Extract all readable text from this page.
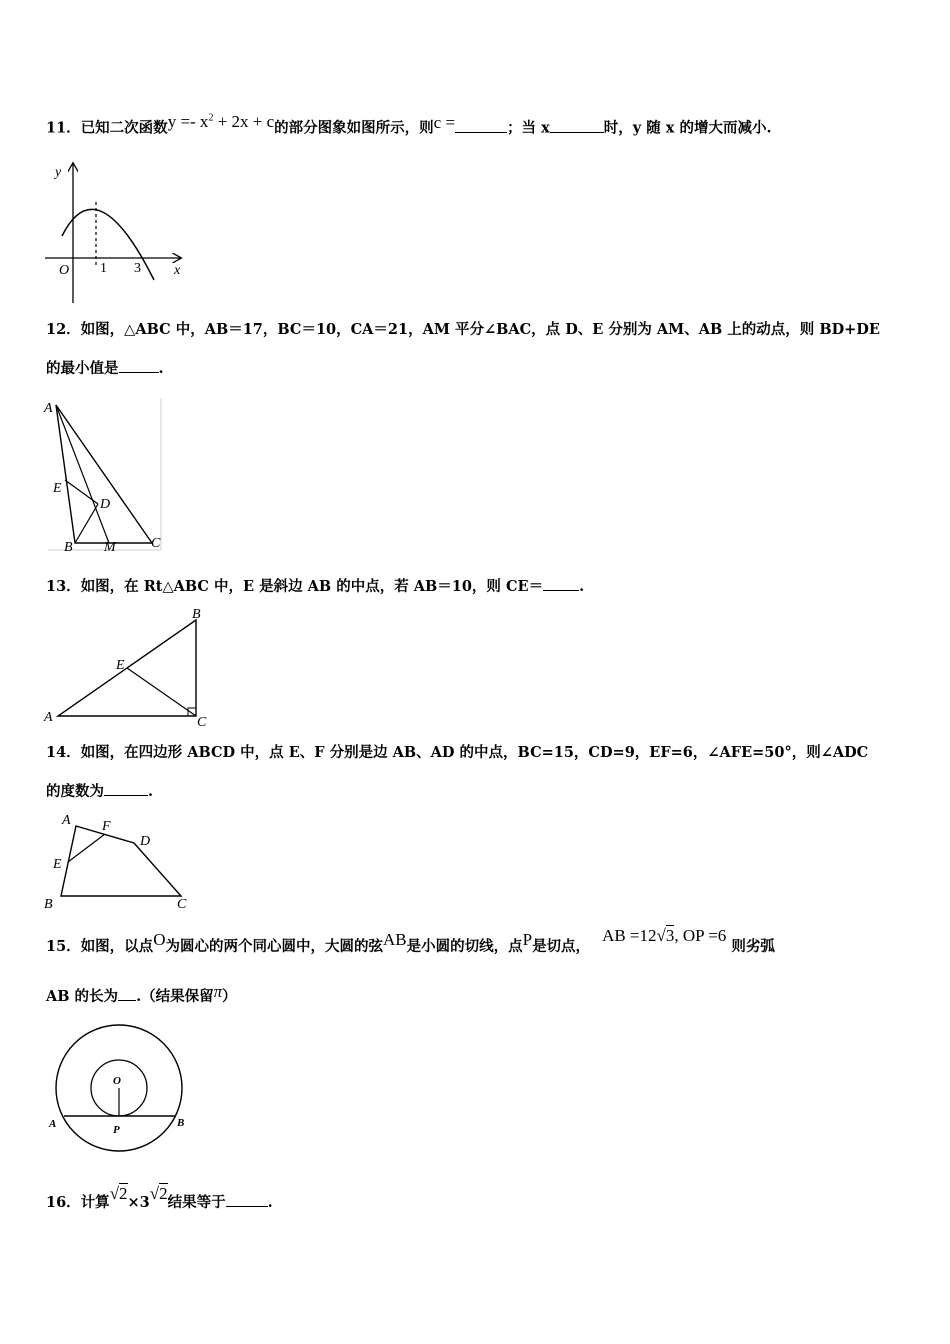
11．已知二次函数$y =- x^2 + 2x + c$的部分图象如图所示，则c =	；当 x	时，y 随 x 的增大而减小.
y
x
O 1 3
12．如图，△ABC 中，AB＝17，BC＝10，CA＝21，AM 平分∠BAC，点 D、E 分别为 AM、AB 上的动点，则 BD+DE
的最小值是	.
A
E
D
B M	C
13．如图，在 Rt△ABC 中，E 是斜边 AB 的中点，若 AB＝10，则 CE＝ .
A
B
C
E
14．如图，在四边形 ABCD 中，点 E、F 分别是边 AB、AD 的中点，BC=15，CD=9，EF=6，∠AFE=50°，则∠ADC
的度数为	.
A F
D
E
B	C
15．如图，以点O为圆心的两个同心圆中，大圆的弦AB是小圆的切线，点P是切点，AB =12√3, OP =6 则劣弧
AB 的长为 .（结果保留π）
O
A	P
B
16．计算√2×3√2结果等于	.
